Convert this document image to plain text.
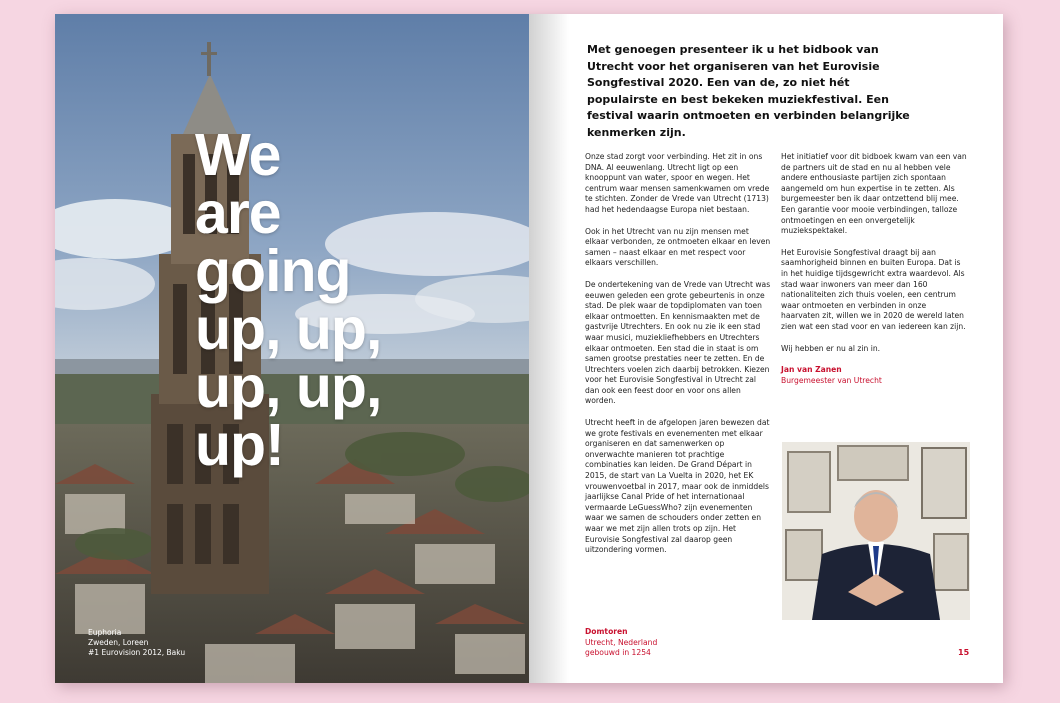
We
are
going
up, up,
up, up,
up!
Euphoria
Zweden, Loreen
#1 Eurovision 2012, Baku

Met genoegen presenteer ik u het bidbook van Utrecht voor het organiseren van het Eurovisie Songfestival 2020. Een van de, zo niet hét populairste en best bekeken muziekfestival. Een festival waarin ontmoeten en verbinden belangrijke kenmerken zijn.

Onze stad zorgt voor verbinding. Het zit in ons DNA. Al eeuwenlang. Utrecht ligt op een knooppunt van water, spoor en wegen. Het centrum waar mensen samenkwamen om vrede te stichten. Zonder de Vrede van Utrecht (1713) had het hedendaagse Europa niet bestaan.

Ook in het Utrecht van nu zijn mensen met elkaar verbonden, ze ontmoeten elkaar en leven samen – naast elkaar en met respect voor elkaars verschillen.

De ondertekening van de Vrede van Utrecht was eeuwen geleden een grote gebeurtenis in onze stad. De plek waar de topdiplomaten van toen elkaar ontmoetten. En kennismaakten met de gastvrije Utrechters. En ook nu zie ik een stad waar musici, muziekliefhebbers en Utrechters elkaar ontmoeten. Een stad die in staat is om samen grootse prestaties neer te zetten. En de Utrechters voelen zich daarbij betrokken. Kiezen voor het Eurovisie Songfestival in Utrecht zal dan ook een feest door en voor ons allen worden.

Utrecht heeft in de afgelopen jaren bewezen dat we grote festivals en evenementen met elkaar organiseren en dat samenwerken op onverwachte manieren tot prachtige combinaties kan leiden. De Grand Départ in 2015, de start van La Vuelta in 2020, het EK vrouwenvoetbal in 2017, maar ook de inmiddels jaarlijkse Canal Pride of het internationaal vermaarde LeGuessWho? zijn evenementen waar we samen de schouders onder zetten en waar we met zijn allen trots op zijn. Het Eurovisie Songfestival zal daarop geen uitzondering vormen.

Het initiatief voor dit bidboek kwam van een van de partners uit de stad en nu al hebben vele andere enthousiaste partijen zich spontaan aangemeld om hun expertise in te zetten. Als burgemeester ben ik daar ontzettend blij mee. Een garantie voor mooie verbindingen, talloze ontmoetingen en een onvergetelijk muziekspektakel.

Het Eurovisie Songfestival draagt bij aan saamhorigheid binnen en buiten Europa. Dat is in het huidige tijdsgewricht extra waardevol. Als stad waar inwoners van meer dan 160 nationaliteiten zich thuis voelen, een centrum waar ontmoeten en verbinden in onze haarvaten zit, willen we in 2020 de wereld laten zien wat een stad voor en van iedereen kan zijn.

Wij hebben er nu al zin in.

Jan van Zanen

Burgemeester van Utrecht

Domtoren
Utrecht, Nederland
gebouwd in 1254	15
